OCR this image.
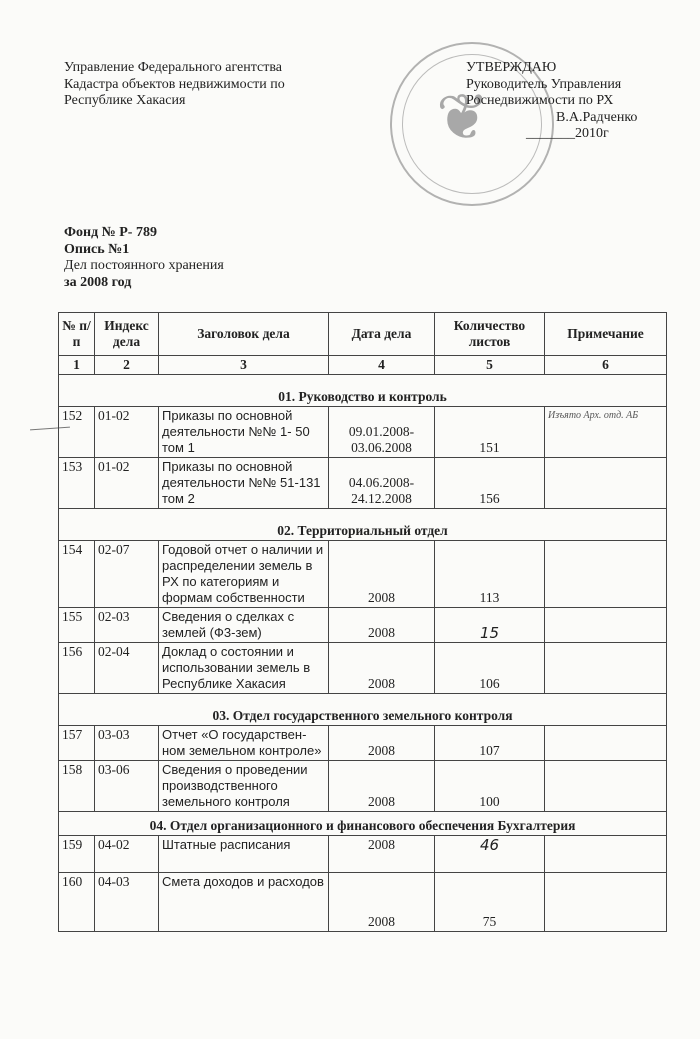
❦
Управление Федерального агентства
Кадастра объектов недвижимости по
Республике Хакасия
УТВЕРЖДАЮ
Руководитель Управления
Роснедвижимости по РХ
В.А.Радченко
_______2010г
Фонд № Р- 789
Опись №1
Дел постоянного хранения
за 2008 год
№ п/п	Индекс дела	Заголовок дела	Дата дела	Количество листов	Примечание
1	2	3	4	5	6
01. Руководство и контроль					
152	01-02	Приказы по основной деятельности №№ 1- 50 том 1	09.01.2008-03.06.2008	151	Изъято Арх. отд. АБ
153	01-02	Приказы по основной деятельности №№ 51-131 том 2	04.06.2008-24.12.2008	156	
02. Территориальный отдел					
154	02-07	Годовой отчет о наличии и распределении земель в РХ по категориям и формам собственности	2008	113	
155	02-03	Сведения о сделках с землей (Ф3-зем)	2008	15	
156	02-04	Доклад о состоянии и использовании земель в Республике Хакасия	2008	106	
03. Отдел государственного земельного контроля					
157	03-03	Отчет «О государствен-ном земельном контроле»	2008	107	
158	03-06	Сведения о проведении производственного земельного контроля	2008	100	
04. Отдел организационного и финансового обеспечения Бухгалтерия					
159	04-02	Штатные расписания	2008	46	
160	04-03	Смета доходов и расходов	2008	75	
